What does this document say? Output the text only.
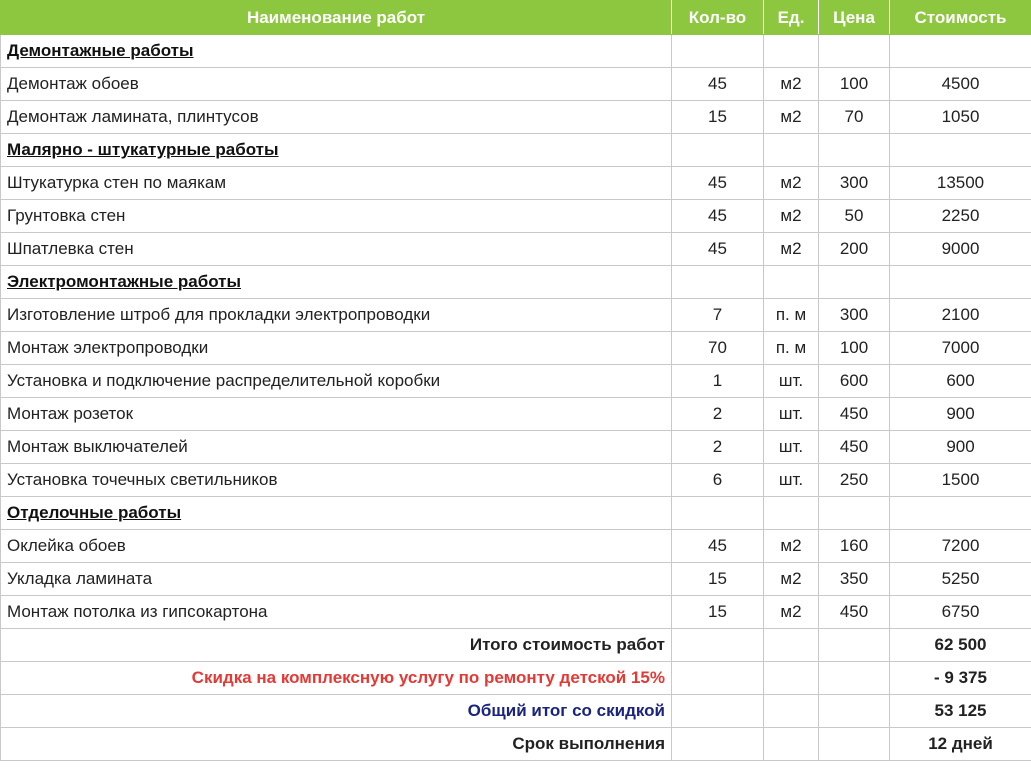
Наименование работ	Кол-во	Ед.	Цена	Стоимость
Демонтажные работы				
Демонтаж обоев	45	м2	100	4500
Демонтаж ламината, плинтусов	15	м2	70	1050
Малярно - штукатурные работы				
Штукатурка стен по маякам	45	м2	300	13500
Грунтовка стен	45	м2	50	2250
Шпатлевка стен	45	м2	200	9000
Электромонтажные работы				
Изготовление штроб для прокладки электропроводки	7	п. м	300	2100
Монтаж электропроводки	70	п. м	100	7000
Установка и подключение распределительной коробки	1	шт.	600	600
Монтаж розеток	2	шт.	450	900
Монтаж выключателей	2	шт.	450	900
Установка точечных светильников	6	шт.	250	1500
Отделочные работы				
Оклейка обоев	45	м2	160	7200
Укладка ламината	15	м2	350	5250
Монтаж потолка из гипсокартона	15	м2	450	6750
Итого стоимость работ				62 500
Скидка на комплексную услугу по ремонту детской 15%				- 9 375
Общий итог со скидкой				53 125
Срок выполнения				12 дней
